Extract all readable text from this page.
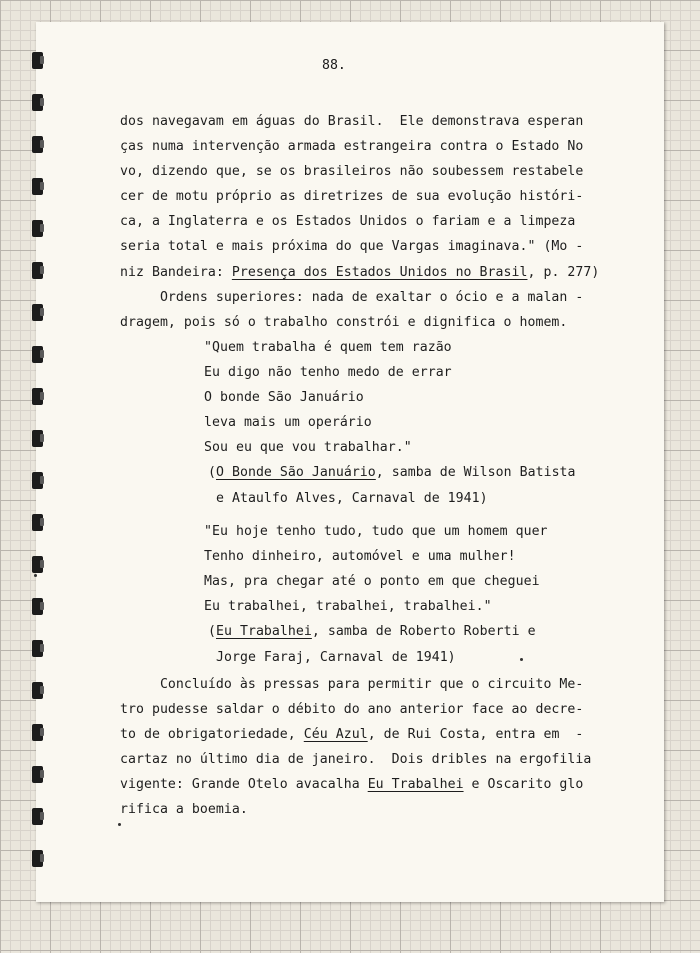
88.

dos navegavam em águas do Brasil.  Ele demonstrava esperan

ças numa intervenção armada estrangeira contra o Estado No

vo, dizendo que, se os brasileiros não soubessem restabele

cer de motu próprio as diretrizes de sua evolução históri-

ca, a Inglaterra e os Estados Unidos o fariam e a limpeza

seria total e mais próxima do que Vargas imaginava." (Mo -

niz Bandeira: Presença dos Estados Unidos no Brasil, p. 277)

Ordens superiores: nada de exaltar o ócio e a malan -

dragem, pois só o trabalho constrói e dignifica o homem.

"Quem trabalha é quem tem razão

Eu digo não tenho medo de errar

O bonde São Januário

leva mais um operário

Sou eu que vou trabalhar."

(O Bonde São Januário, samba de Wilson Batista

e Ataulfo Alves, Carnaval de 1941)

"Eu hoje tenho tudo, tudo que um homem quer

Tenho dinheiro, automóvel e uma mulher!

Mas, pra chegar até o ponto em que cheguei

Eu trabalhei, trabalhei, trabalhei."

(Eu Trabalhei, samba de Roberto Roberti e

Jorge Faraj, Carnaval de 1941)

Concluído às pressas para permitir que o circuito Me-

tro pudesse saldar o débito do ano anterior face ao decre-

to de obrigatoriedade, Céu Azul, de Rui Costa, entra em  -

cartaz no último dia de janeiro.  Dois dribles na ergofilia

vigente: Grande Otelo avacalha Eu Trabalhei e Oscarito glo

rifica a boemia.
